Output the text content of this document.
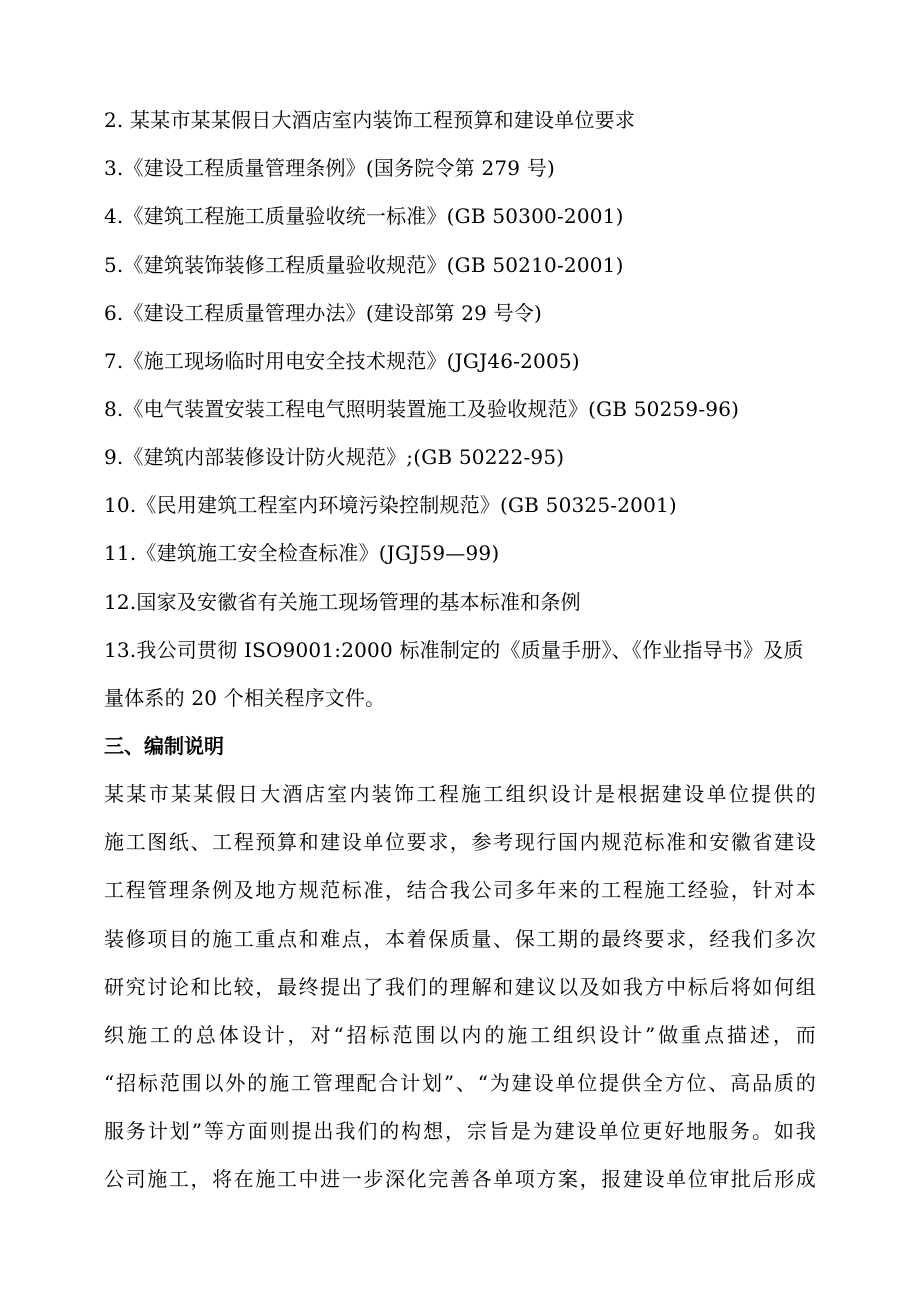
2. 某某市某某假日大酒店室内装饰工程预算和建设单位要求
3.《建设工程质量管理条例》(国务院令第 279 号)
4.《建筑工程施工质量验收统一标准》(GB 50300-2001)
5.《建筑装饰装修工程质量验收规范》(GB 50210-2001)
6.《建设工程质量管理办法》(建设部第 29 号令)
7.《施工现场临时用电安全技术规范》(JGJ46-2005)
8.《电气装置安装工程电气照明装置施工及验收规范》(GB 50259-96)
9.《建筑内部装修设计防火规范》;(GB 50222-95)
10.《民用建筑工程室内环境污染控制规范》(GB 50325-2001)
11.《建筑施工安全检查标准》(JGJ59—99)
12.国家及安徽省有关施工现场管理的基本标准和条例
13.我公司贯彻 ISO9001:2000 标准制定的《质量手册》、《作业指导书》及质
量体系的 20 个相关程序文件。
三、编制说明
某某市某某假日大酒店室内装饰工程施工组织设计是根据建设单位提供的
施工图纸、工程预算和建设单位要求，参考现行国内规范标准和安徽省建设
工程管理条例及地方规范标准，结合我公司多年来的工程施工经验，针对本
装修项目的施工重点和难点，本着保质量、保工期的最终要求，经我们多次
研究讨论和比较，最终提出了我们的理解和建议以及如我方中标后将如何组
织施工的总体设计，对“招标范围以内的施工组织设计”做重点描述，而
“招标范围以外的施工管理配合计划”、“为建设单位提供全方位、高品质的
服务计划”等方面则提出我们的构想，宗旨是为建设单位更好地服务。如我
公司施工，将在施工中进一步深化完善各单项方案，报建设单位审批后形成
